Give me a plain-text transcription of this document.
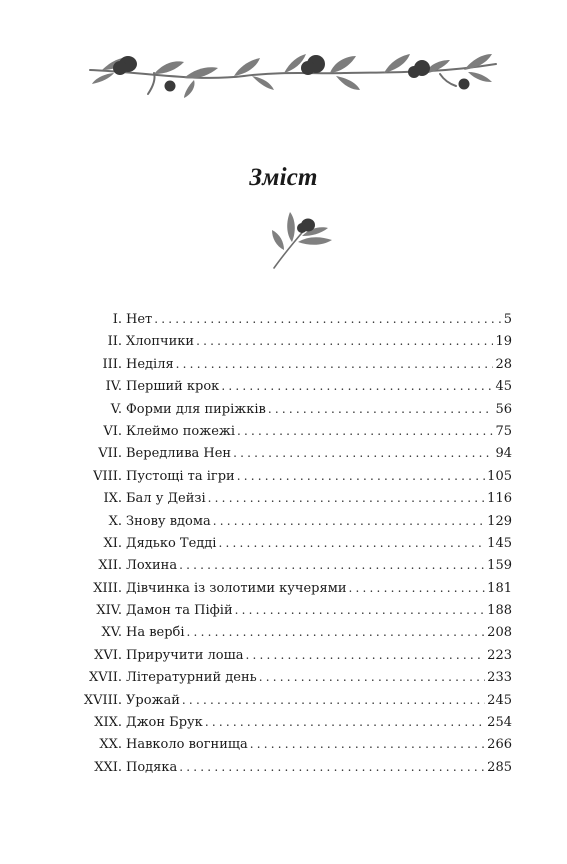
Зміст
I. Нет .....	5
II. Хлопчики .....	19
III. Неділя .....	28
IV. Перший крок .....	45
V. Форми для пиріжків .....	56
VI. Клеймо пожежі .....	75
VII. Вередлива Нен .....	94
VIII. Пустощі та ігри .....	105
IX. Бал у Дейзі .....	116
X. Знову вдома .....	129
XI. Дядько Тедді .....	145
XII. Лохина .....	159
XIII. Дівчинка із золотими кучерями .....	181
XIV. Дамон та Піфій .....	188
XV. На вербі .....	208
XVI. Приручити лоша .....	223
XVII. Літературний день .....	233
XVIII. Урожай .....	245
XIX. Джон Брук .....	254
XX. Навколо вогнища .....	266
XXI. Подяка .....	285
